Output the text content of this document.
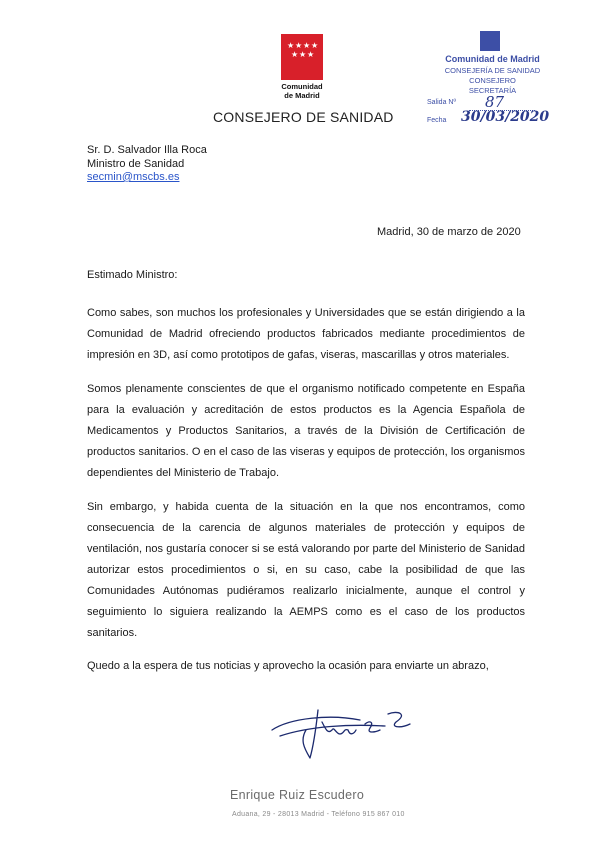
★ ★ ★ ★
★ ★ ★
Comunidad
de Madrid
CONSEJERO DE SANIDAD
Comunidad de Madrid
CONSEJERÍA DE SANIDAD
CONSEJERO
SECRETARÍA
Salida Nº 87
Fecha 30/03/2020
Sr. D. Salvador Illa Roca
Ministro de Sanidad
secmin@mscbs.es
Madrid, 30 de marzo de 2020
Estimado Ministro:
Como sabes, son muchos los profesionales y Universidades que se están dirigiendo a la Comunidad de Madrid ofreciendo productos fabricados mediante procedimientos de impresión en 3D, así como prototipos de gafas, viseras, mascarillas y otros materiales.
Somos plenamente conscientes de que el organismo notificado competente en España para la evaluación y acreditación de estos productos es la Agencia Española de Medicamentos y Productos Sanitarios, a través de la División de Certificación de productos sanitarios. O en el caso de las viseras y equipos de protección, los organismos dependientes del Ministerio de Trabajo.
Sin embargo, y habida cuenta de la situación en la que nos encontramos, como consecuencia de la carencia de algunos materiales de protección y equipos de ventilación, nos gustaría conocer si se está valorando por parte del Ministerio de Sanidad autorizar estos procedimientos o si, en su caso, cabe la posibilidad de que las Comunidades Autónomas pudiéramos realizarlo inicialmente, aunque el control y seguimiento lo siguiera realizando la AEMPS como es el caso de los productos sanitarios.
Quedo a la espera de tus noticias y aprovecho la ocasión para enviarte un abrazo,
Enrique Ruiz Escudero
Aduana, 29 - 28013 Madrid - Teléfono 915 867 010
